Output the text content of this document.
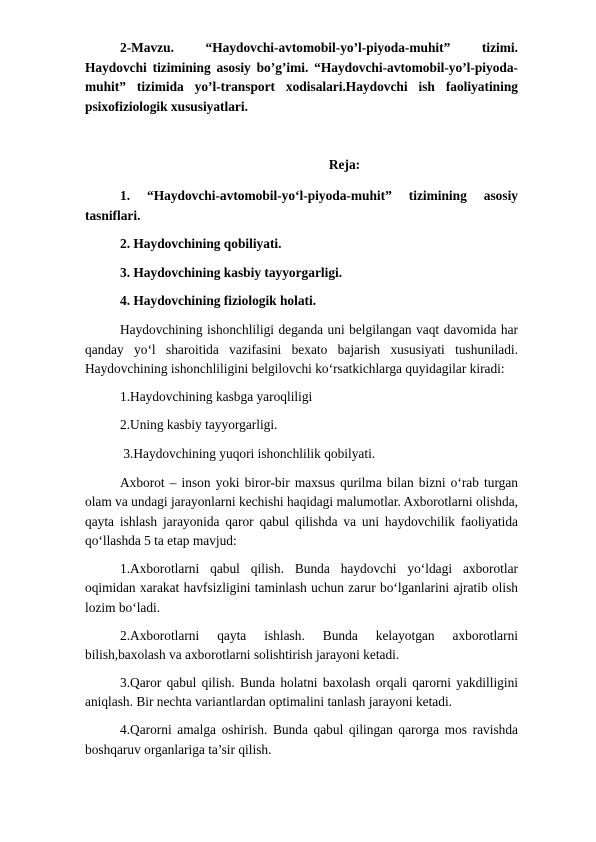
2-Mavzu. “Haydovchi-avtomobil-yo’l-piyoda-muhit” tizimi. Haydovchi tizimining asosiy bo’g’imi. “Haydovchi-avtomobil-yo’l-piyoda-muhit” tizimida yo’l-transport xodisalari.Haydovchi ish faoliyatining psixofiziologik xususiyatlari.

Reja:

1. “Haydovchi-avtomobil-yo‘l-piyoda-muhit” tizimining asosiy tasniflari.

2. Haydovchining qobiliyati.

3. Haydovchining kasbiy tayyorgarligi.

4. Haydovchining fiziologik holati.

Haydovchining ishonchliligi deganda uni belgilangan vaqt davomida har qanday yo‘l sharoitida vazifasini bexato bajarish xususiyati tushuniladi. Haydovchining ishonchliligini belgilovchi ko‘rsatkichlarga quyidagilar kiradi:

1.Haydovchining kasbga yaroqliligi

2.Uning kasbiy tayyorgarligi.

3.Haydovchining yuqori ishonchlilik qobilyati.

Axborot – inson yoki biror-bir maxsus qurilma bilan bizni o‘rab turgan olam va undagi jarayonlarni kechishi haqidagi malumotlar. Axborotlarni olishda, qayta ishlash jarayonida qaror qabul qilishda va uni haydovchilik faoliyatida qo‘llashda 5 ta etap mavjud:

1.Axborotlarni qabul qilish. Bunda haydovchi yo‘ldagi axborotlar oqimidan xarakat havfsizligini taminlash uchun zarur bo‘lganlarini ajratib olish lozim bo‘ladi.

2.Axborotlarni qayta ishlash. Bunda kelayotgan axborotlarni bilish,baxolash va axborotlarni solishtirish jarayoni ketadi.

3.Qaror qabul qilish. Bunda holatni baxolash orqali qarorni yakdilligini aniqlash. Bir nechta variantlardan optimalini tanlash jarayoni ketadi.

4.Qarorni amalga oshirish. Bunda qabul qilingan qarorga mos ravishda boshqaruv organlariga ta’sir qilish.
